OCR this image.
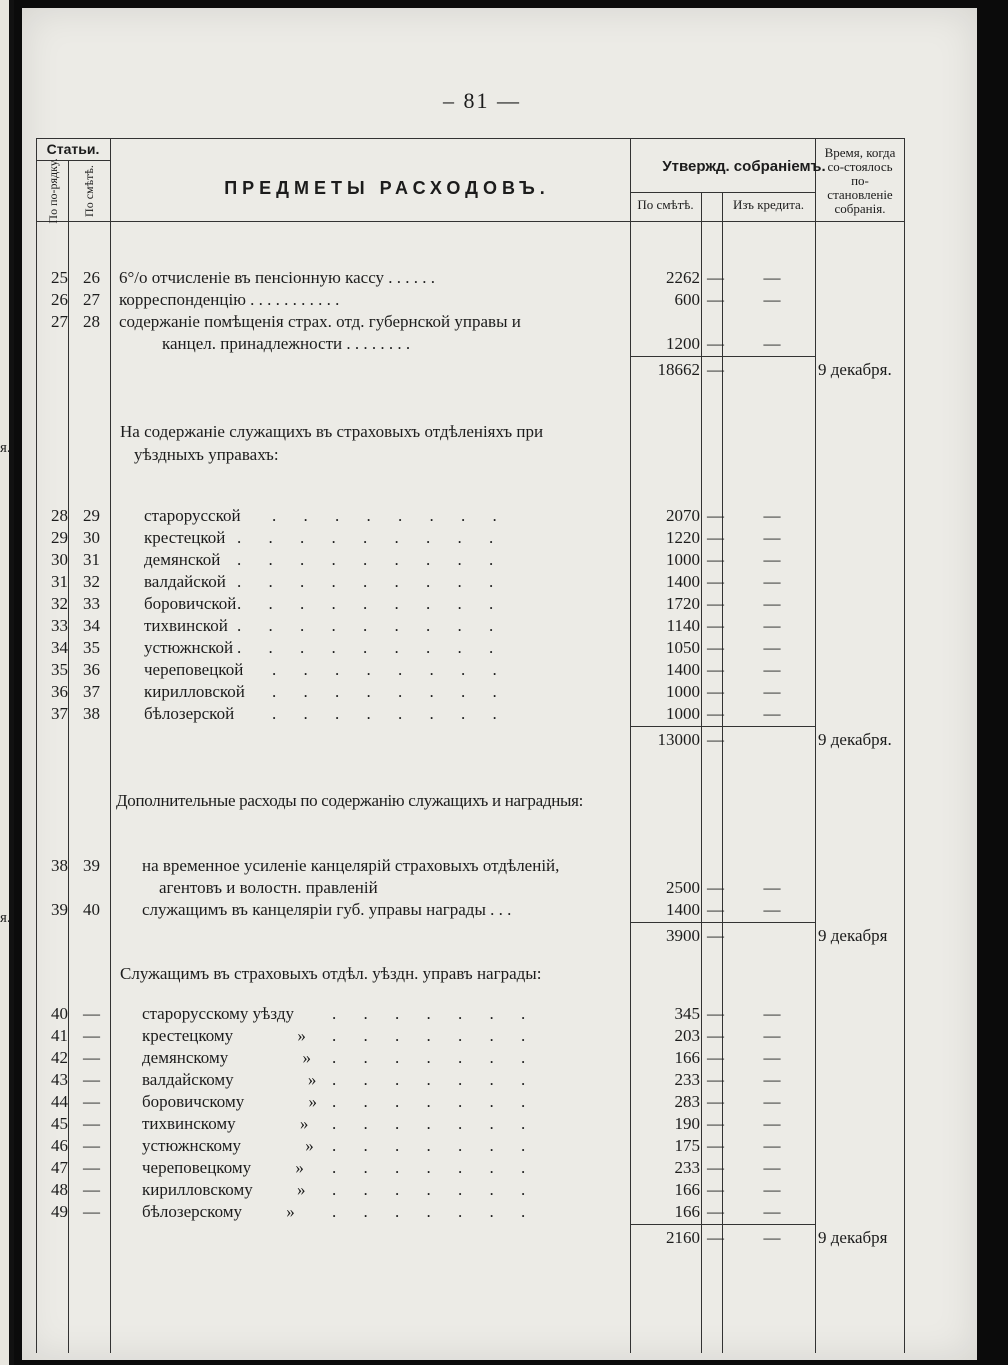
я.
я.
– 81 —
Статьи.
По по-рядку. По смѣтѣ.	ПРЕДМЕТЫ РАСХОДОВЪ.
Утвержд. собраніемъ.
По смѣтѣ.	Изъ кредита.
Время, когда со-стоялось по-становленіе собранія.
25 26 6°/о отчисленіе въ пенсіонную кассу . . . . . .	2262 —	—
26 27 корреспонденцію . . . . . . . . . . .	600 —	—
27 28 содержаніе помѣщенія страх. отд. губернской управы и
канцел. принадлежности . . . . . . . .	1200 —	—
18662 —	9 декабря.
На содержаніе служащихъ въ страховыхъ отдѣленіяхъ при
уѣздныхъ управахъ:
28 29	старорусской .     .     .     .     .     .     .     .	2070 —	—
29 30	крестецкой .     .     .     .     .     .     .     .     .	1220 —	—
30 31	демянской .     .     .     .     .     .     .     .     .	1000 —	—
31 32	валдайской .     .     .     .     .     .     .     .     .	1400 —	—
32 33	боровичской .     .     .     .     .     .     .     .     .	1720 —	—
33 34	тихвинской .     .     .     .     .     .     .     .     .	1140 —	—
34 35	устюжнской .     .     .     .     .     .     .     .     .	1050 —	—
35 36	череповецкой .     .     .     .     .     .     .     .	1400 —	—
36 37	кирилловской .     .     .     .     .     .     .     .	1000 —	—
37 38	бѣлозерской .     .     .     .     .     .     .     .	1000 —	—
13000 —	9 декабря.
Дополнительные расходы по содержанію служащихъ и наградныя:
38 39 на временное усиленіе канцелярій страховыхъ отдѣленій,
агентовъ и волостн. правленій	2500 —	—
39 40 служащимъ въ канцеляріи губ. управы награды . . .	1400 —	—
3900 —	9 декабря
Служащимъ въ страховыхъ отдѣл. уѣздн. управъ награды:
40 — старорусскому уѣзду .     .     .     .     .     .     .	345 —	—
41 — крестецкому » .     .     .     .     .     .     .	203 —	—
42 — демянскому » .     .     .     .     .     .     .	166 —	—
43 — валдайскому » .     .     .     .     .     .     .	233 —	—
44 — боровичскому » .     .     .     .     .     .     .	283 —	—
45 — тихвинскому » .     .     .     .     .     .     .	190 —	—
46 — устюжнскому » .     .     .     .     .     .     .	175 —	—
47 — череповецкому » .     .     .     .     .     .     .	233 —	—
48 — кирилловскому » .     .     .     .     .     .     .	166 —	—
49 — бѣлозерскому » .     .     .     .     .     .     .	166 —	—
2160 —	—	9 декабря
